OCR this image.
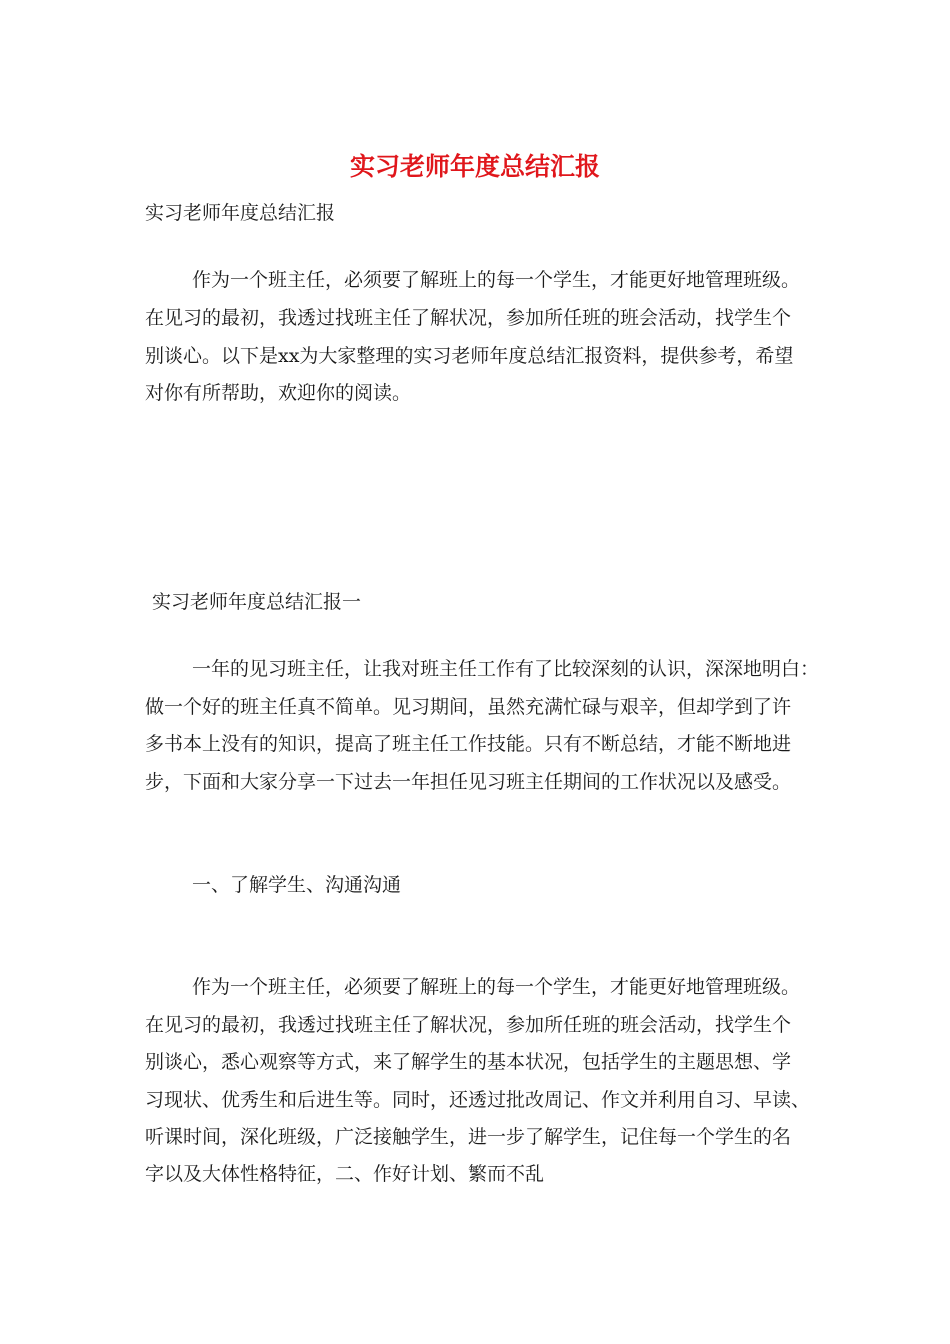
实习老师年度总结汇报

实习老师年度总结汇报

作为一个班主任，必须要了解班上的每一个学生，才能更好地管理班级。

在见习的最初，我透过找班主任了解状况，参加所任班的班会活动，找学生个

别谈心。以下是xx为大家整理的实习老师年度总结汇报资料，提供参考，希望

对你有所帮助，欢迎你的阅读。

实习老师年度总结汇报一

一年的见习班主任，让我对班主任工作有了比较深刻的认识，深深地明白：

做一个好的班主任真不简单。见习期间，虽然充满忙碌与艰辛，但却学到了许

多书本上没有的知识，提高了班主任工作技能。只有不断总结，才能不断地进

步，下面和大家分享一下过去一年担任见习班主任期间的工作状况以及感受。

一、了解学生、沟通沟通

作为一个班主任，必须要了解班上的每一个学生，才能更好地管理班级。

在见习的最初，我透过找班主任了解状况，参加所任班的班会活动，找学生个

别谈心，悉心观察等方式，来了解学生的基本状况，包括学生的主题思想、学

习现状、优秀生和后进生等。同时，还透过批改周记、作文并利用自习、早读、

听课时间，深化班级，广泛接触学生，进一步了解学生，记住每一个学生的名

字以及大体性格特征，二、作好计划、繁而不乱
